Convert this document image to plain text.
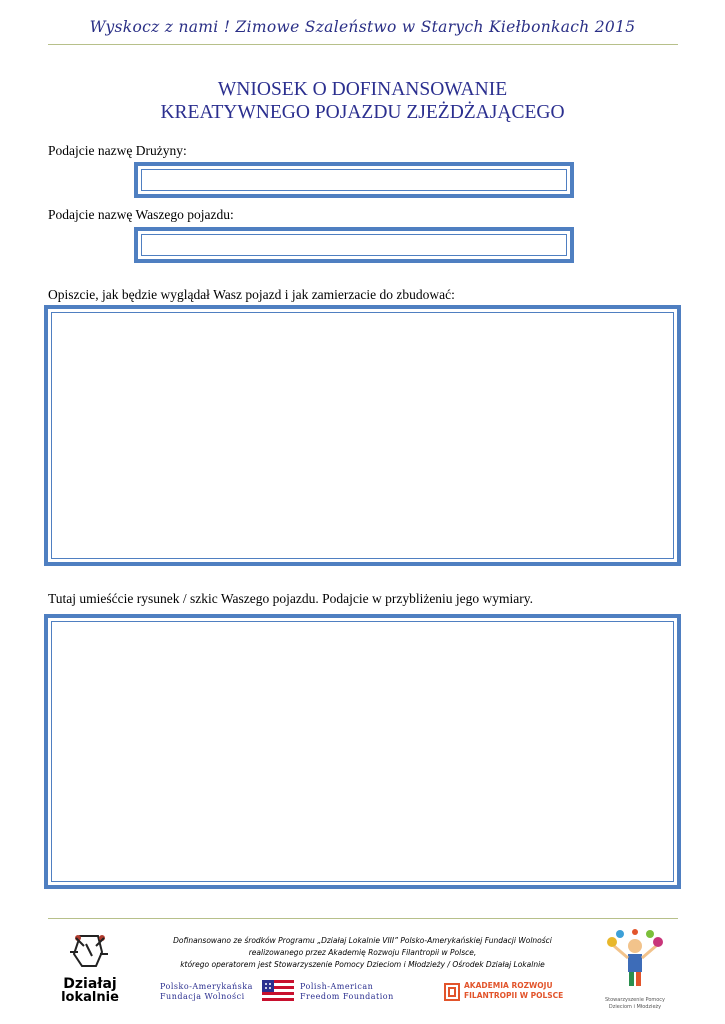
Wyskocz z nami ! Zimowe Szaleństwo w Starych Kiełbonkach 2015
WNIOSEK O DOFINANSOWANIE
KREATYWNEGO POJAZDU ZJEŻDŻAJĄCEGO
Podajcie nazwę Drużyny:
Podajcie nazwę Waszego pojazdu:
Opiszcie, jak będzie wyglądał Wasz pojazd i jak zamierzacie do zbudować:
Tutaj umieśćcie rysunek / szkic Waszego pojazdu. Podajcie w przybliżeniu jego wymiary.
Dofinansowano ze środków Programu „Działaj Lokalnie VIII” Polsko-Amerykańskiej Fundacji Wolności
realizowanego przez Akademię Rozwoju Filantropii w Polsce,
którego operatorem jest Stowarzyszenie Pomocy Dzieciom i Młodzieży / Ośrodek Działaj Lokalnie
Działaj
lokalnie
Polsko-Amerykańska
Fundacja Wolności
Polish-American
Freedom Foundation
AKADEMIA ROZWOJU
FILANTROPII W POLSCE	Stowarzyszenie Pomocy
Dzieciom i Młodzieży
